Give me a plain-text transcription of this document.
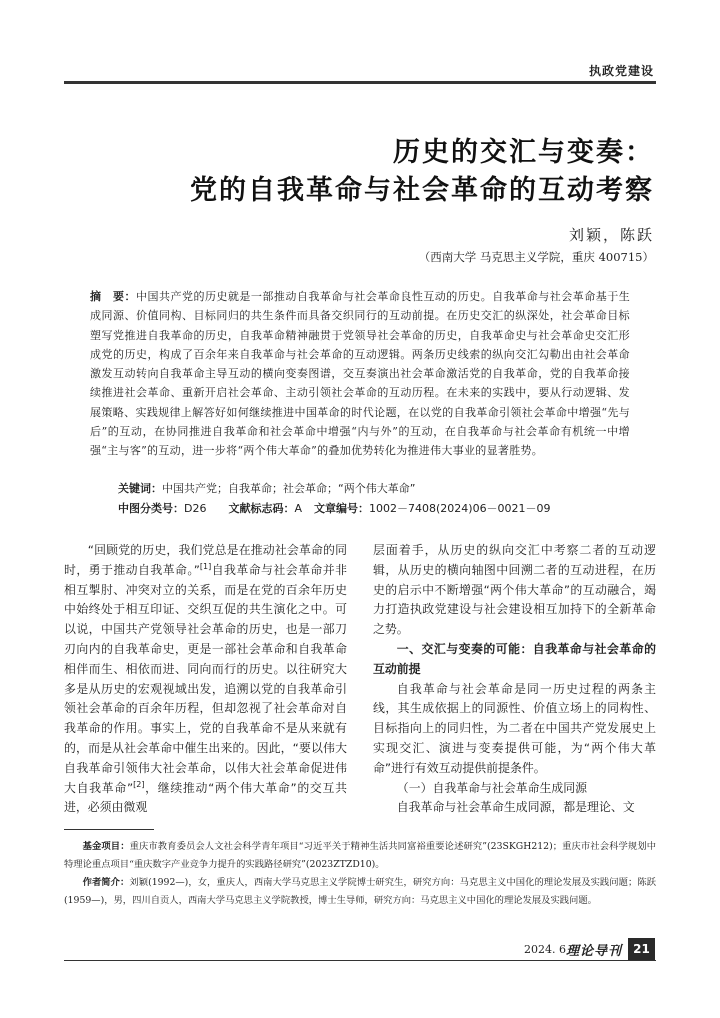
执政党建设
历史的交汇与变奏：
党的自我革命与社会革命的互动考察
刘颖，陈跃
（西南大学 马克思主义学院，重庆 400715）
摘　要：中国共产党的历史就是一部推动自我革命与社会革命良性互动的历史。自我革命与社会革命基于生成同源、价值同构、目标同归的共生条件而具备交织同行的互动前提。在历史交汇的纵深处，社会革命目标塑写党推进自我革命的历史，自我革命精神融贯于党领导社会革命的历史，自我革命史与社会革命史交汇形成党的历史，构成了百余年来自我革命与社会革命的互动逻辑。两条历史线索的纵向交汇勾勒出由社会革命激发互动转向自我革命主导互动的横向变奏图谱，交互奏演出社会革命激活党的自我革命，党的自我革命接续推进社会革命、重新开启社会革命、主动引领社会革命的互动历程。在未来的实践中，要从行动逻辑、发展策略、实践规律上解答好如何继续推进中国革命的时代论题，在以党的自我革命引领社会革命中增强“先与后”的互动，在协同推进自我革命和社会革命中增强“内与外”的互动，在自我革命与社会革命有机统一中增强“主与客”的互动，进一步将“两个伟大革命”的叠加优势转化为推进伟大事业的显著胜势。
关键词：中国共产党；自我革命；社会革命；“两个伟大革命”
中图分类号：D26 文献标志码：A 文章编号：1002－7408(2024)06－0021－09

“回顾党的历史，我们党总是在推动社会革命的同时，勇于推动自我革命。”[1]自我革命与社会革命并非相互掣肘、冲突对立的关系，而是在党的百余年历史中始终处于相互印证、交织互促的共生演化之中。可以说，中国共产党领导社会革命的历史，也是一部刀刃向内的自我革命史，更是一部社会革命和自我革命相伴而生、相依而进、同向而行的历史。以往研究大多是从历史的宏观视域出发，追溯以党的自我革命引领社会革命的百余年历程，但却忽视了社会革命对自我革命的作用。事实上，党的自我革命不是从来就有的，而是从社会革命中催生出来的。因此，“要以伟大自我革命引领伟大社会革命，以伟大社会革命促进伟大自我革命”[2]，继续推动“两个伟大革命”的交互共进，必须由微观

层面着手，从历史的纵向交汇中考察二者的互动逻辑，从历史的横向轴图中回溯二者的互动进程，在历史的启示中不断增强“两个伟大革命”的互动融合，竭力打造执政党建设与社会建设相互加持下的全新革命之势。

一、交汇与变奏的可能：自我革命与社会革命的互动前提

自我革命与社会革命是同一历史过程的两条主线，其生成依据上的同源性、价值立场上的同构性、目标指向上的同归性，为二者在中国共产党发展史上实现交汇、演进与变奏提供可能，为“两个伟大革命”进行有效互动提供前提条件。

（一）自我革命与社会革命生成同源

自我革命与社会革命生成同源，都是理论、文

基金项目：重庆市教育委员会人文社会科学青年项目“习近平关于精神生活共同富裕重要论述研究”(23SKGH212)；重庆市社会科学规划中特理论重点项目“重庆数字产业竞争力提升的实践路径研究”(2023ZTZD10)。

作者简介：刘颖(1992—)，女，重庆人，西南大学马克思主义学院博士研究生，研究方向：马克思主义中国化的理论发展及实践问题；陈跃(1959—)，男，四川自贡人，西南大学马克思主义学院教授，博士生导师，研究方向：马克思主义中国化的理论发展及实践问题。

2024. 6 理论导刊 21
